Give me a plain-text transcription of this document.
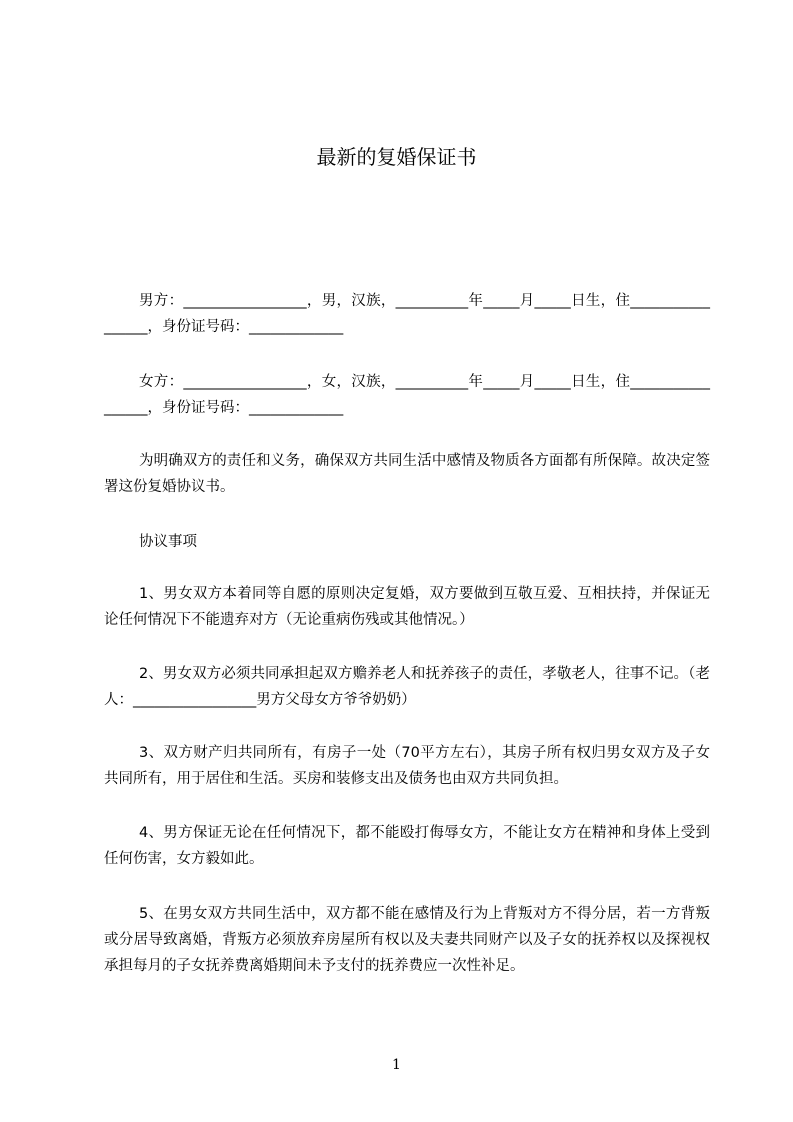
最新的复婚保证书
男方：_________________，男，汉族，__________年_____月_____日生，住_________________，身份证号码：_____________
女方：_________________，女，汉族，__________年_____月_____日生，住_________________，身份证号码：_____________
为明确双方的责任和义务，确保双方共同生活中感情及物质各方面都有所保障。故决定签署这份复婚协议书。
协议事项
1、男女双方本着同等自愿的原则决定复婚，双方要做到互敬互爱、互相扶持，并保证无论任何情况下不能遗弃对方（无论重病伤残或其他情况。）
2、男女双方必须共同承担起双方赡养老人和抚养孩子的责任，孝敬老人，往事不记。（老人：_________________男方父母女方爷爷奶奶）
3、双方财产归共同所有，有房子一处（70平方左右），其房子所有权归男女双方及子女共同所有，用于居住和生活。买房和装修支出及债务也由双方共同负担。
4、男方保证无论在任何情况下，都不能殴打侮辱女方，不能让女方在精神和身体上受到任何伤害，女方毅如此。
5、在男女双方共同生活中，双方都不能在感情及行为上背叛对方不得分居，若一方背叛或分居导致离婚，背叛方必须放弃房屋所有权以及夫妻共同财产以及子女的抚养权以及探视权承担每月的子女抚养费离婚期间未予支付的抚养费应一次性补足。
1
